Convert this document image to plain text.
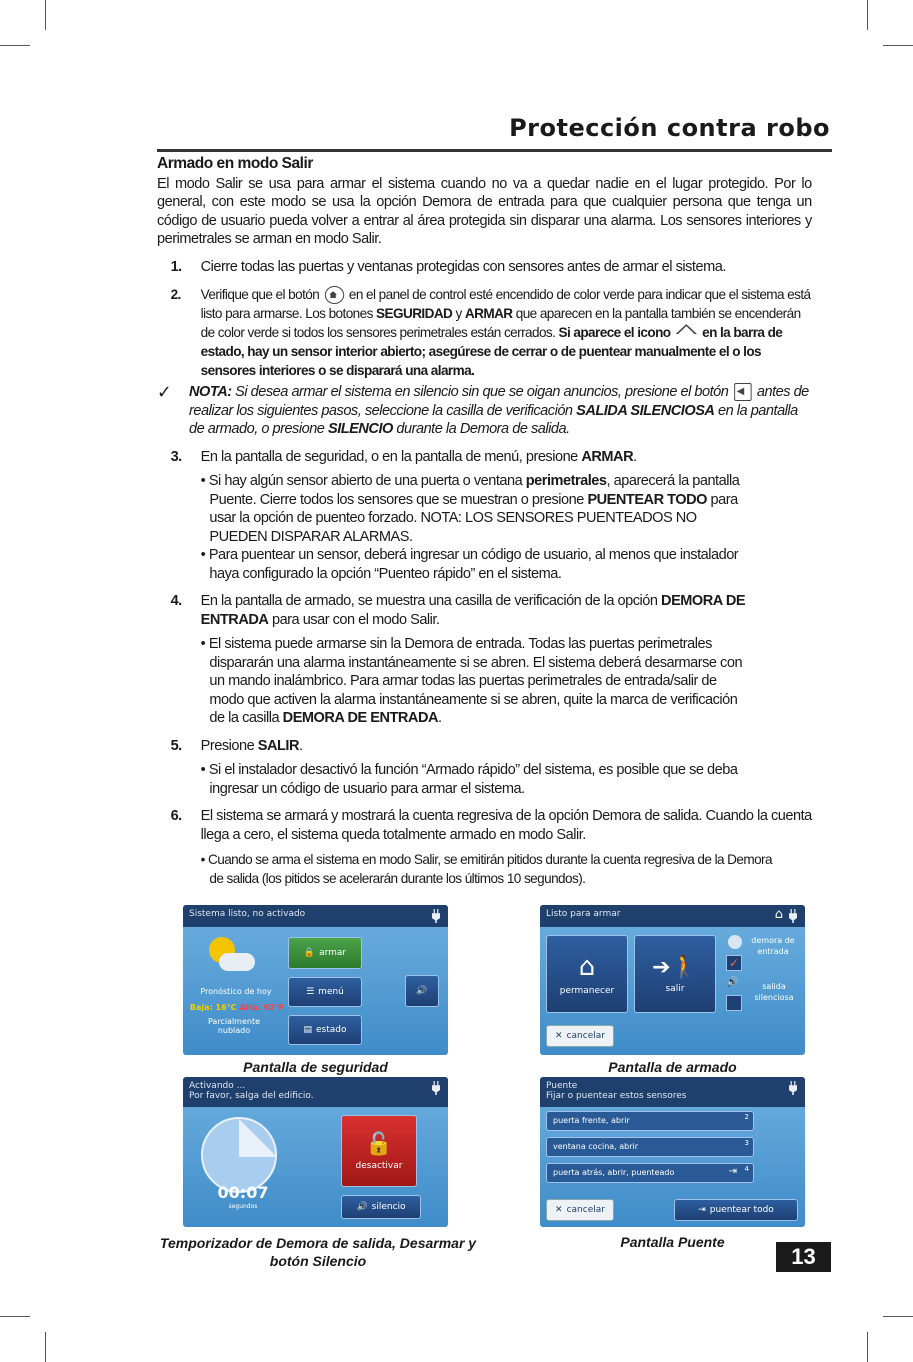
Protección contra robo
Armado en modo Salir
El modo Salir se usa para armar el sistema cuando no va a quedar nadie en el lugar protegido. Por lo general, con este modo se usa la opción Demora de entrada para que cualquier persona que tenga un código de usuario pueda volver a entrar al área protegida sin disparar una alarma. Los sensores interiores y perimetrales se arman en modo Salir.
1. Cierre todas las puertas y ventanas protegidas con sensores antes de armar el sistema.

2. Verifique que el botón en el panel de control esté encendido de color verde para indicar que el sistema está listo para armarse. Los botones SEGURIDAD y ARMAR que aparecen en la pantalla también se encenderán de color verde si todos los sensores perimetrales están cerrados. Si aparece el icono en la barra de estado, hay un sensor interior abierto; asegúrese de cerrar o de puentear manualmente el o los sensores interiores o se disparará una alarma.

✓ NOTA: Si desea armar el sistema en silencio sin que se oigan anuncios, presione el botón ◀ antes de realizar los siguientes pasos, seleccione la casilla de verificación SALIDA SILENCIOSA en la pantalla de armado, o presione SILENCIO durante la Demora de salida.

3. En la pantalla de seguridad, o en la pantalla de menú, presione ARMAR.

• Si hay algún sensor abierto de una puerta o ventana perimetrales, aparecerá la pantalla Puente. Cierre todos los sensores que se muestran o presione PUENTEAR TODO para usar la opción de puenteo forzado. NOTA: LOS SENSORES PUENTEADOS NO PUEDEN DISPARAR ALARMAS.
• Para puentear un sensor, deberá ingresar un código de usuario, al menos que instalador haya configurado la opción “Puenteo rápido” en el sistema.
4. En la pantalla de armado, se muestra una casilla de verificación de la opción DEMORA DE ENTRADA para usar con el modo Salir.

• El sistema puede armarse sin la Demora de entrada. Todas las puertas perimetrales dispararán una alarma instantáneamente si se abren. El sistema deberá desarmarse con un mando inalámbrico. Para armar todas las puertas perimetrales de entrada/salir de modo que activen la alarma instantáneamente si se abren, quite la marca de verificación de la casilla DEMORA DE ENTRADA.
5. Presione SALIR.

• Si el instalador desactivó la función “Armado rápido” del sistema, es posible que se deba ingresar un código de usuario para armar el sistema.
6. El sistema se armará y mostrará la cuenta regresiva de la opción Demora de salida. Cuando la cuenta llega a cero, el sistema queda totalmente armado en modo Salir.

• Cuando se arma el sistema en modo Salir, se emitirán pitidos durante la cuenta regresiva de la Demora de salida (los pitidos se acelerarán durante los últimos 10 segundos).
Sistema listo, no activado
Pronóstico de hoy
Baja: 16°C Alta: 92°F
Parcialmente nublado
🔒 armar
☰ menú
▤ estado
🔊
Pantalla de seguridad
Listo para armar	⌂
⌂
permanecer
➔🚶
salir
✓
demora de entrada
🔊	salida silenciosa
✕ cancelar
Pantalla de armado
Activando ...
Por favor, salga del edificio.
00:07
segundos
🔓
desactivar
🔊 silencio
Temporizador de Demora de salida, Desarmar y botón Silencio
Puente
Fijar o puentear estos sensores
puerta frente, abrir	2
ventana cocina, abrir	3
puerta atrás, abrir, puenteado	4
⇥
✕ cancelar	⇥ puentear todo
Pantalla Puente
13
